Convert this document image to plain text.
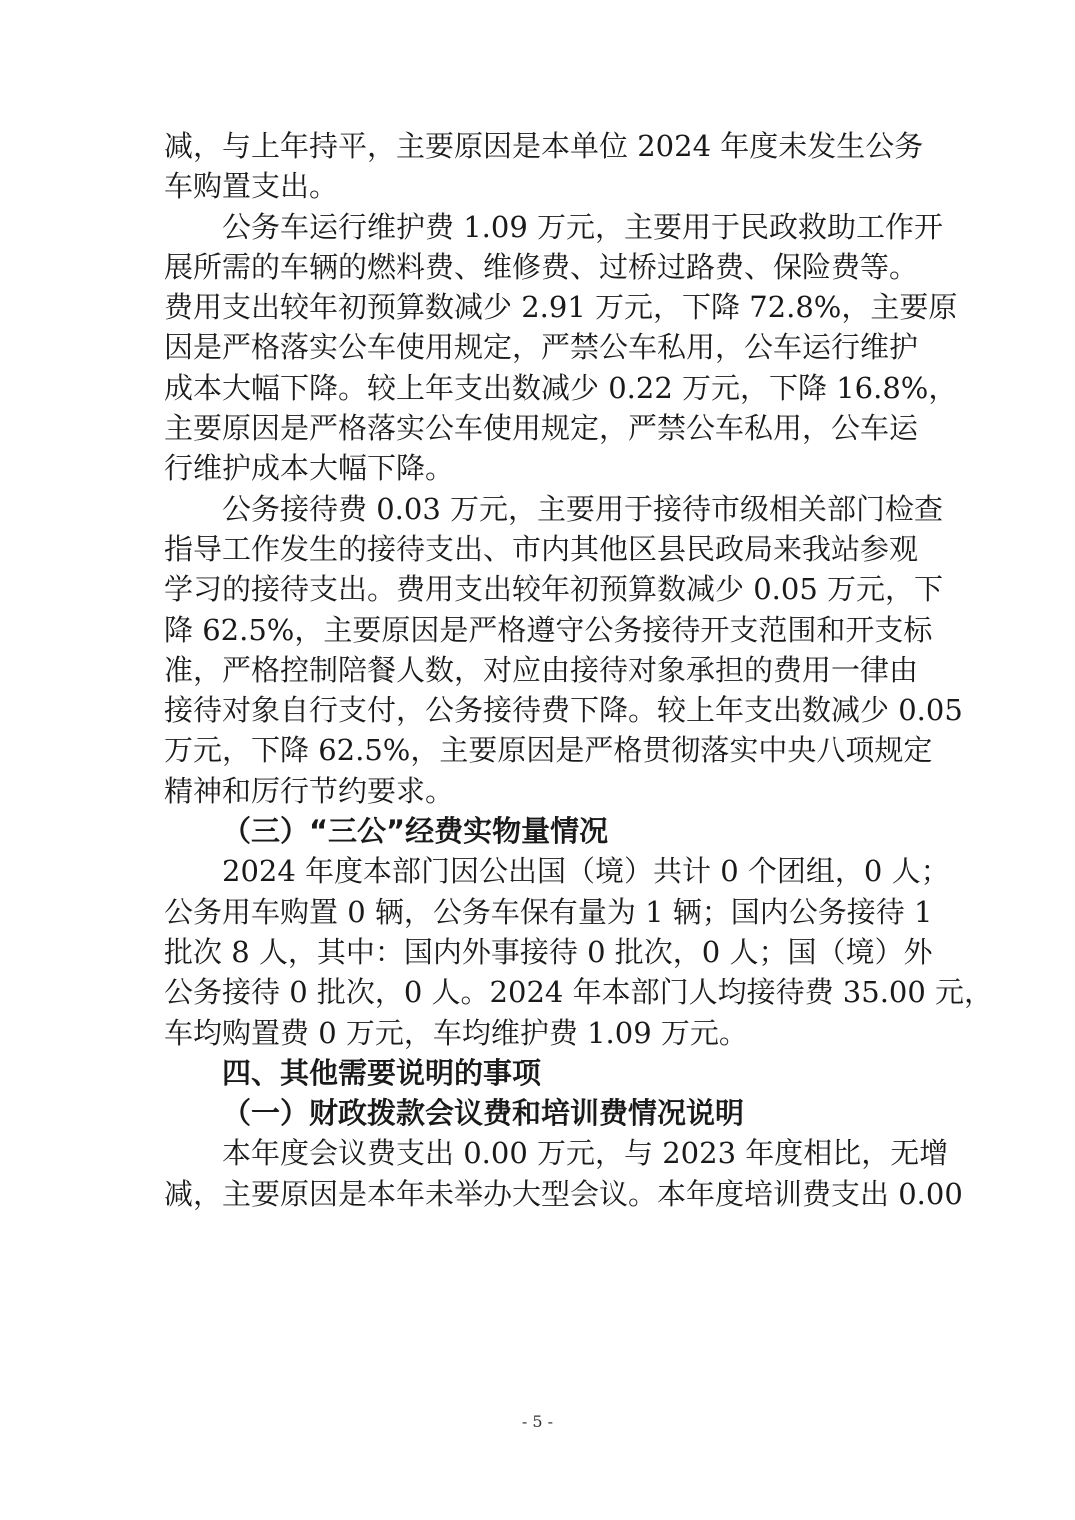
减，与上年持平，主要原因是本单位 2024 年度未发生公务
车购置支出。
公务车运行维护费 1.09 万元，主要用于民政救助工作开
展所需的车辆的燃料费、维修费、过桥过路费、保险费等。
费用支出较年初预算数减少 2.91 万元，下降 72.8%，主要原
因是严格落实公车使用规定，严禁公车私用，公车运行维护
成本大幅下降。较上年支出数减少 0.22 万元，下降 16.8%，
主要原因是严格落实公车使用规定，严禁公车私用，公车运
行维护成本大幅下降。
公务接待费 0.03 万元，主要用于接待市级相关部门检查
指导工作发生的接待支出、市内其他区县民政局来我站参观
学习的接待支出。费用支出较年初预算数减少 0.05 万元，下
降 62.5%，主要原因是严格遵守公务接待开支范围和开支标
准，严格控制陪餐人数，对应由接待对象承担的费用一律由
接待对象自行支付，公务接待费下降。较上年支出数减少 0.05
万元，下降 62.5%，主要原因是严格贯彻落实中央八项规定
精神和厉行节约要求。
（三）“三公”经费实物量情况
2024 年度本部门因公出国（境）共计 0 个团组，0 人；
公务用车购置 0 辆，公务车保有量为 1 辆；国内公务接待 1
批次 8 人，其中：国内外事接待 0 批次，0 人；国（境）外
公务接待 0 批次，0 人。2024 年本部门人均接待费 35.00 元，
车均购置费 0 万元，车均维护费 1.09 万元。
四、其他需要说明的事项
（一）财政拨款会议费和培训费情况说明
本年度会议费支出 0.00 万元，与 2023 年度相比，无增
减，主要原因是本年未举办大型会议。本年度培训费支出 0.00
- 5 -
